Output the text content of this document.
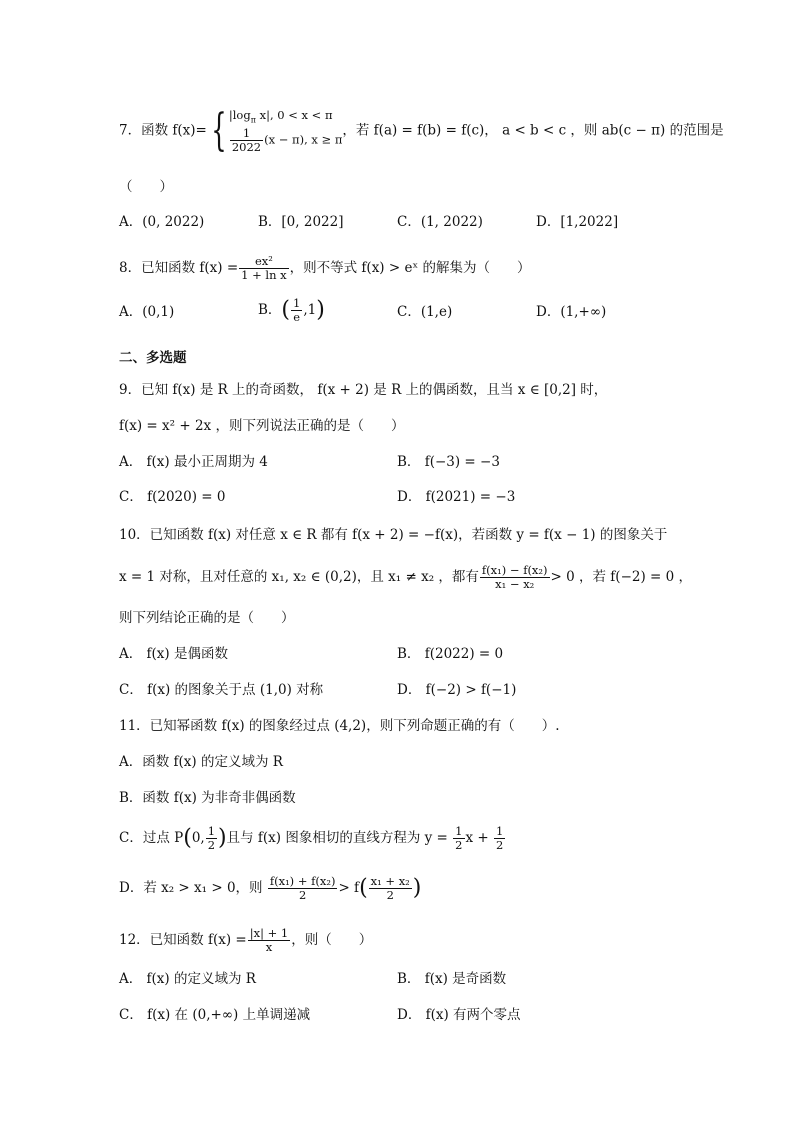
7．函数 f(x)={ $|\log_\pi$ x|, 0 < x < π
$\frac{1}{2022} (x - \pi)$, x ≥ π
，若 f(a) = f(b) = f(c)， a < b < c ，则 ab(c − π) 的范围是
（　　）
A．(0, 2022)	B．[0, 2022]	C．(1, 2022)	D．[1,2022]
8．已知函数 $f(x) = \frac{\text{ex²}}{\text{1 + ln x}}$ ，则不等式 f(x) > eˣ 的解集为（　　）
A．(0,1)	B．( $\frac{1}{e} ,1$)	C．(1,e)	D．(1,+∞)
二、多选题
9．已知 f(x) 是 R 上的奇函数， f(x + 2) 是 R 上的偶函数，且当 x ∈ [0,2] 时，
f(x) = x² + 2x ，则下列说法正确的是（　　）
A． f(x) 最小正周期为 4	B． f(−3) = −3
C． f(2020) = 0	D． f(2021) = −3
10．已知函数 f(x) 对任意 x ∈ R 都有 f(x + 2) = −f(x)，若函数 y = f(x − 1) 的图象关于
x = 1 对称，且对任意的 x₁, x₂ ∈ (0,2)，且 x₁ ≠ x₂ ，都有 $\frac{\text{f(x₁) − f(x₂)}}{\text{x₁ − x₂}} > 0$ ，若 f(−2) = 0 ，
则下列结论正确的是（　　）
A． f(x) 是偶函数	B． f(2022) = 0
C． f(x) 的图象关于点 (1,0) 对称	D． f(−2) > f(−1)
11．已知幂函数 f(x) 的图象经过点 (4,2)，则下列命题正确的有（　　）.
A．函数 f(x) 的定义域为 R
B．函数 f(x) 为非奇非偶函数
C．过点 P(0, $\frac{1}{2}$ )且与 f(x) 图象相切的直线方程为 $y = \frac{1}{2}$ $x + \frac{1}{2}$
D．若 x₂ > x₁ > 0，则 $\frac{\text{f(x₁) + f(x₂)}}{2} > f( \frac{\text{x₁ + x₂}}{2}$ )
12．已知函数 $f(x) = \frac{|x| + 1}{x}$ ，则（　　）
A． f(x) 的定义域为 R	B． f(x) 是奇函数
C． f(x) 在 (0,+∞) 上单调递减	D． f(x) 有两个零点
